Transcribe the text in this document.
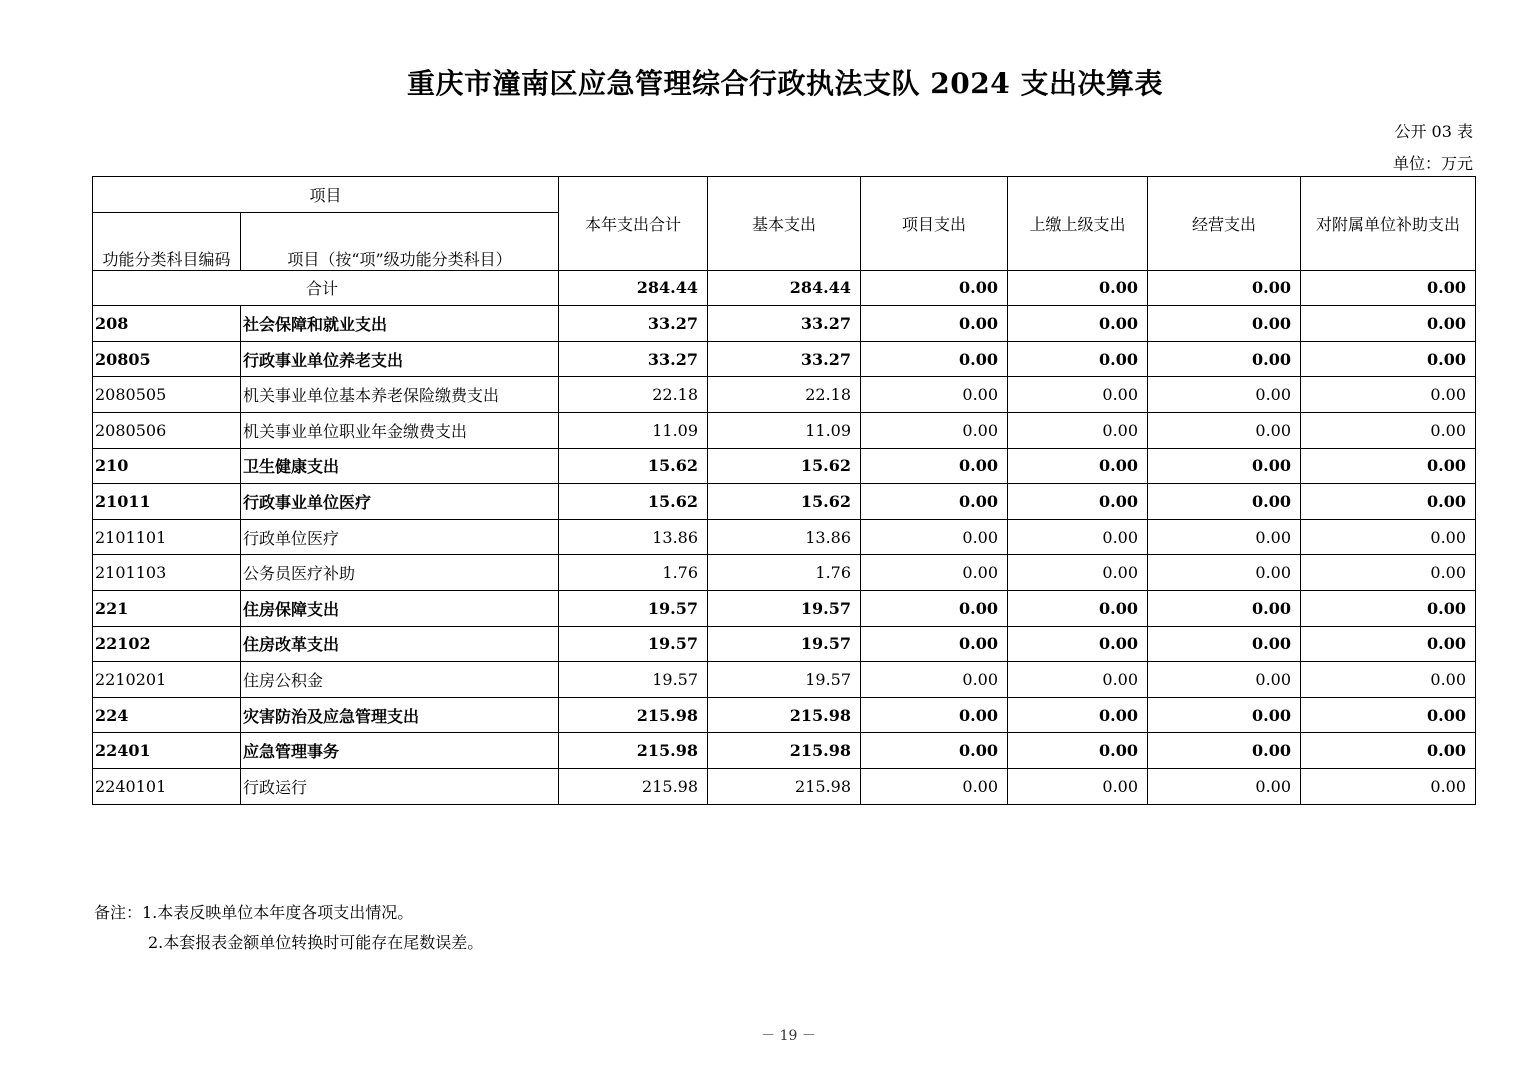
重庆市潼南区应急管理综合行政执法支队 2024 支出决算表
公开 03 表
单位：万元
项目		本年支出合计	基本支出	项目支出	上缴上级支出	经营支出	对附属单位补助支出
功能分类科目编码	项目（按“项”级功能分类科目）						
合计		284.44	284.44	0.00	0.00	0.00	0.00
208	社会保障和就业支出	33.27	33.27	0.00	0.00	0.00	0.00
20805	行政事业单位养老支出	33.27	33.27	0.00	0.00	0.00	0.00
2080505	机关事业单位基本养老保险缴费支出	22.18	22.18	0.00	0.00	0.00	0.00
2080506	机关事业单位职业年金缴费支出	11.09	11.09	0.00	0.00	0.00	0.00
210	卫生健康支出	15.62	15.62	0.00	0.00	0.00	0.00
21011	行政事业单位医疗	15.62	15.62	0.00	0.00	0.00	0.00
2101101	行政单位医疗	13.86	13.86	0.00	0.00	0.00	0.00
2101103	公务员医疗补助	1.76	1.76	0.00	0.00	0.00	0.00
221	住房保障支出	19.57	19.57	0.00	0.00	0.00	0.00
22102	住房改革支出	19.57	19.57	0.00	0.00	0.00	0.00
2210201	住房公积金	19.57	19.57	0.00	0.00	0.00	0.00
224	灾害防治及应急管理支出	215.98	215.98	0.00	0.00	0.00	0.00
22401	应急管理事务	215.98	215.98	0.00	0.00	0.00	0.00
2240101	行政运行	215.98	215.98	0.00	0.00	0.00	0.00
备注：1.本表反映单位本年度各项支出情况。
2.本套报表金额单位转换时可能存在尾数误差。
－ 19 －
